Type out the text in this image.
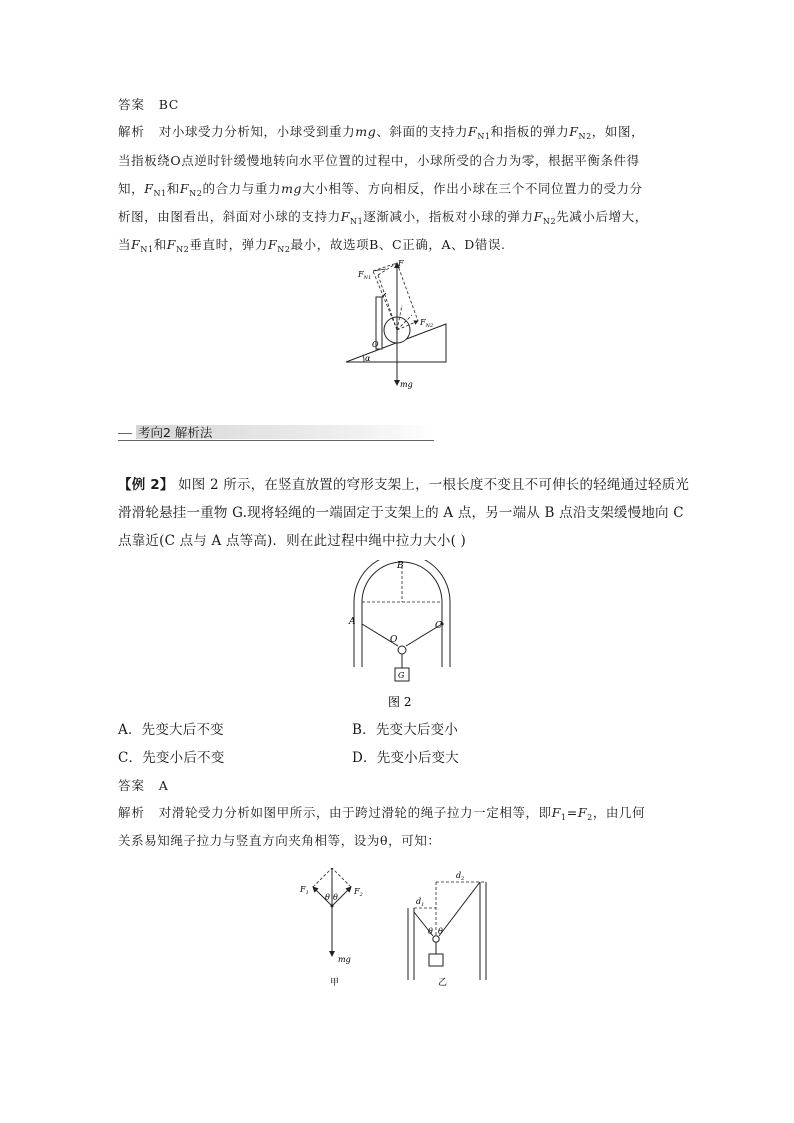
答案 BC
解析 对小球受力分析知，小球受到重力mg、斜面的支持力$F_{N1}$和指板的弹力$F_{N2}$，如图，
当指板绕O点逆时针缓慢地转向水平位置的过程中，小球所受的合力为零，根据平衡条件得
知，$F_{N1}$和$F_{N2}$的合力与重力mg大小相等、方向相反，作出小球在三个不同位置力的受力分
析图，由图看出，斜面对小球的支持力$F_{N1}$逐渐减小，指板对小球的弹力$F_{N2}$先减小后增大，
当$F_{N1}$和$F_{N2}$垂直时，弹力$F_{N2}$最小，故选项B、C正确，A、D错误.
F
$F_{N1}$
$F_{N2}$
O
α
mg
考向2 解析法
【例 2】 如图 2 所示，在竖直放置的穹形支架上，一根长度不变且不可伸长的轻绳通过轻质光
滑滑轮悬挂一重物 G.现将轻绳的一端固定于支架上的 A 点，另一端从 B 点沿支架缓慢地向 C
点靠近(C 点与 A 点等高)．则在此过程中绳中拉力大小( )
B
A	C
O
G
图 2
A．先变大后不变	B．先变大后变小
C．先变小后不变	D．先变小后变大
答案 A
解析 对滑轮受力分析如图甲所示，由于跨过滑轮的绳子拉力一定相等，即$F_1=F_2$，由几何
关系易知绳子拉力与竖直方向夹角相等，设为θ，可知：
$F_1$	$F_2$
θ θ
mg
甲
$d_1$
$d_2$
θ θ
乙
